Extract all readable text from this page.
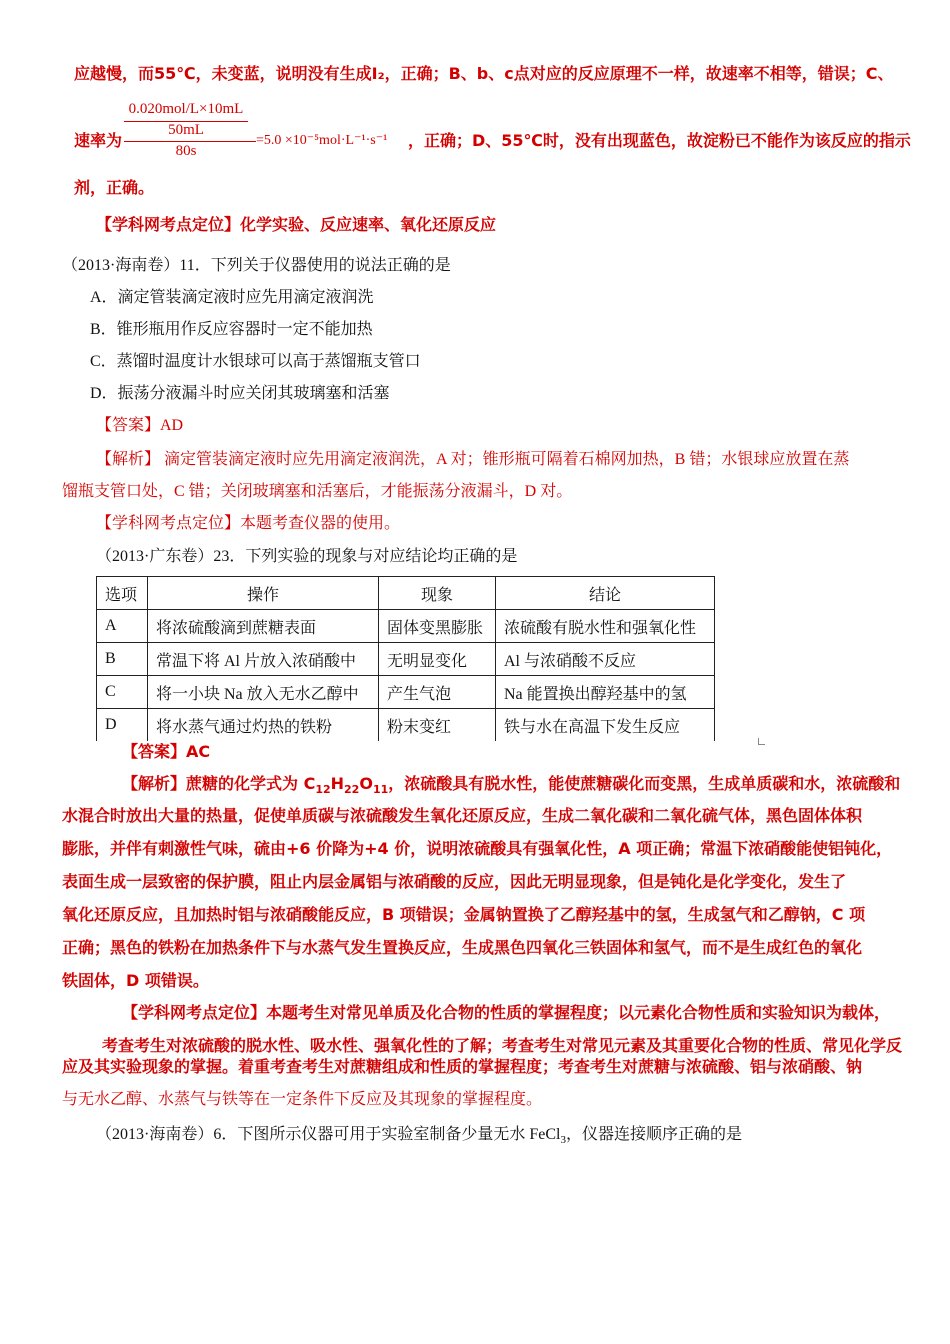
应越慢，而55℃，未变蓝，说明没有生成I₂，正确；B、b、c点对应的反应原理不一样，故速率不相等，错误；C、
速率为
0.020mol/L×10mL
50mL
80s
=5.0 ×10⁻⁵mol·L⁻¹·s⁻¹ ，正确；D、55℃时，没有出现蓝色，故淀粉已不能作为该反应的指示
剂，正确。
【学科网考点定位】化学实验、反应速率、氧化还原反应
（2013·海南卷）11．下列关于仪器使用的说法正确的是
A．滴定管装滴定液时应先用滴定液润洗
B．锥形瓶用作反应容器时一定不能加热
C．蒸馏时温度计水银球可以高于蒸馏瓶支管口
D．振荡分液漏斗时应关闭其玻璃塞和活塞
【答案】AD
【解析】 滴定管装滴定液时应先用滴定液润洗，A 对；锥形瓶可隔着石棉网加热，B 错；水银球应放置在蒸
馏瓶支管口处，C 错；关闭玻璃塞和活塞后，才能振荡分液漏斗，D 对。
【学科网考点定位】本题考查仪器的使用。
（2013·广东卷）23．下列实验的现象与对应结论均正确的是
选项	操作	现象	结论
A	将浓硫酸滴到蔗糖表面	固体变黑膨胀	浓硫酸有脱水性和强氧化性
B	常温下将 Al 片放入浓硝酸中	无明显变化	Al 与浓硝酸不反应
C	将一小块 Na 放入无水乙醇中	产生气泡	Na 能置换出醇羟基中的氢
D	将水蒸气通过灼热的铁粉	粉末变红	铁与水在高温下发生反应
【答案】AC
【解析】蔗糖的化学式为 $C_{12}H_{22}O_{11}$，浓硫酸具有脱水性，能使蔗糖碳化而变黑，生成单质碳和水，浓硫酸和
水混合时放出大量的热量，促使单质碳与浓硫酸发生氧化还原反应，生成二氧化碳和二氧化硫气体，黑色固体体积
膨胀，并伴有刺激性气味，硫由+6 价降为+4 价，说明浓硫酸具有强氧化性，A 项正确；常温下浓硝酸能使铝钝化，
表面生成一层致密的保护膜，阻止内层金属铝与浓硝酸的反应，因此无明显现象，但是钝化是化学变化，发生了
氧化还原反应，且加热时铝与浓硝酸能反应，B 项错误；金属钠置换了乙醇羟基中的氢，生成氢气和乙醇钠，C 项
正确；黑色的铁粉在加热条件下与水蒸气发生置换反应，生成黑色四氧化三铁固体和氢气，而不是生成红色的氧化
铁固体，D 项错误。
【学科网考点定位】本题考生对常见单质及化合物的性质的掌握程度；以元素化合物性质和实验知识为载体，
考查考生对浓硫酸的脱水性、吸水性、强氧化性的了解；考查考生对常见元素及其重要化合物的性质、常见化学反
应及其实验现象的掌握。着重考查考生对蔗糖组成和性质的掌握程度；考查考生对蔗糖与浓硫酸、铝与浓硝酸、钠
与无水乙醇、水蒸气与铁等在一定条件下反应及其现象的掌握程度。
（2013·海南卷）6．下图所示仪器可用于实验室制备少量无水 FeCl$_3$，仪器连接顺序正确的是
